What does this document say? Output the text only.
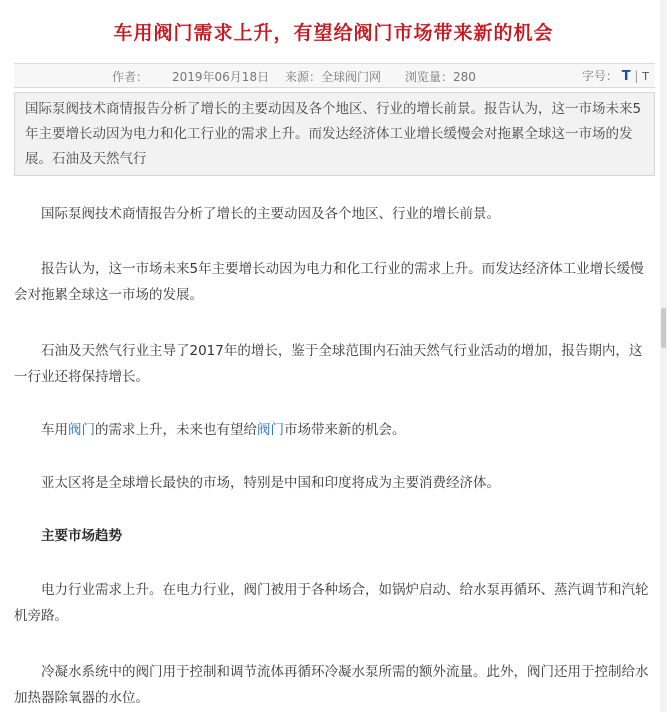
车用阀门需求上升，有望给阀门市场带来新的机会
作者： 2019年06月18日 来源：全球阀门网 浏览量：280	字号： T | T
国际泵阀技术商情报告分析了增长的主要动因及各个地区、行业的增长前景。报告认为，这一市场未来5年主要增长动因为电力和化工行业的需求上升。而发达经济体工业增长缓慢会对拖累全球这一市场的发展。石油及天然气行

国际泵阀技术商情报告分析了增长的主要动因及各个地区、行业的增长前景。

报告认为，这一市场未来5年主要增长动因为电力和化工行业的需求上升。而发达经济体工业增长缓慢会对拖累全球这一市场的发展。

石油及天然气行业主导了2017年的增长，鉴于全球范围内石油天然气行业活动的增加，报告期内，这一行业还将保持增长。

车用阀门的需求上升，未来也有望给阀门市场带来新的机会。

亚太区将是全球增长最快的市场，特别是中国和印度将成为主要消费经济体。

主要市场趋势

电力行业需求上升。在电力行业，阀门被用于各种场合，如锅炉启动、给水泵再循环、蒸汽调节和汽轮机旁路。

冷凝水系统中的阀门用于控制和调节流体再循环冷凝水泵所需的额外流量。此外，阀门还用于控制给水加热器除氧器的水位。
